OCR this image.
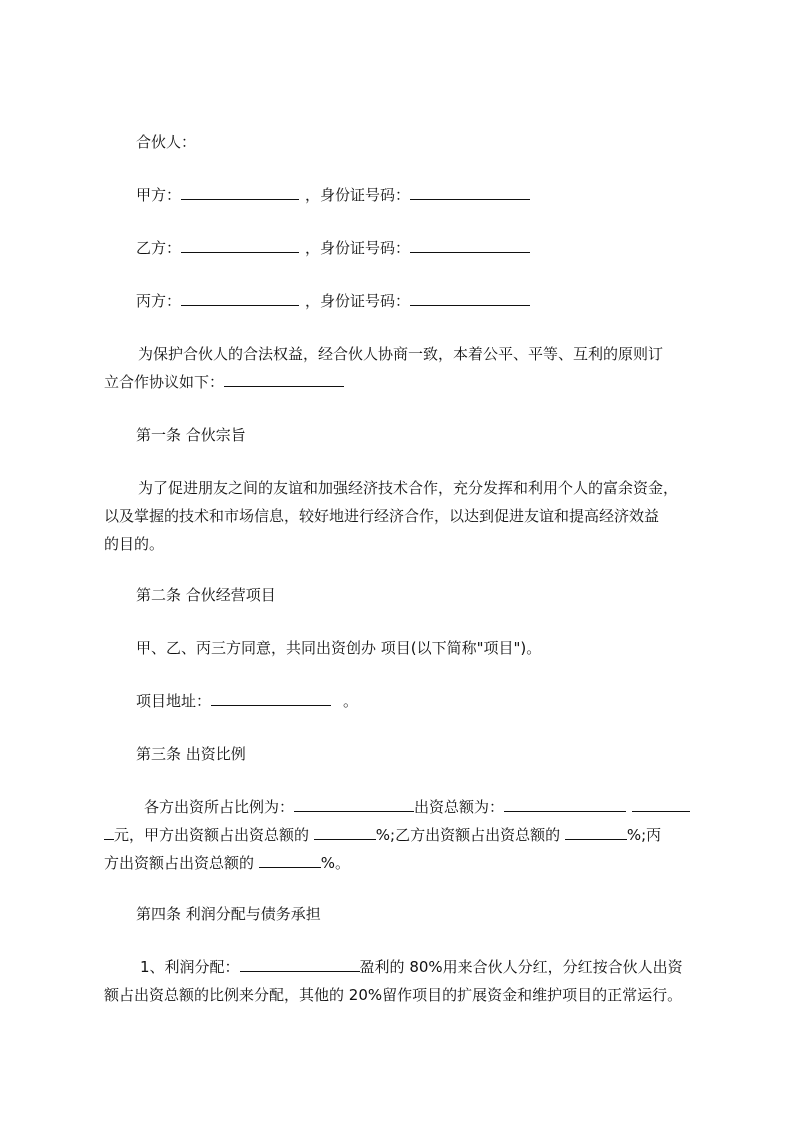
合伙人：
甲方：	，身份证号码：
乙方：	，身份证号码：
丙方：	，身份证号码：
为保护合伙人的合法权益，经合伙人协商一致，本着公平、平等、互利的原则订
立合作协议如下：
第一条 合伙宗旨
为了促进朋友之间的友谊和加强经济技术合作，充分发挥和利用个人的富余资金，
以及掌握的技术和市场信息，较好地进行经济合作，以达到促进友谊和提高经济效益
的目的。
第二条 合伙经营项目
甲、乙、丙三方同意，共同出资创办 项目(以下简称"项目")。
项目地址：	。
第三条 出资比例
各方出资所占比例为：	出资总额为：
元，甲方出资额占出资总额的	%;乙方出资额占出资总额的	%;丙
方出资额占出资总额的	%。
第四条 利润分配与债务承担
1、利润分配：	盈利的 80%用来合伙人分红，分红按合伙人出资
额占出资总额的比例来分配，其他的 20%留作项目的扩展资金和维护项目的正常运行。
